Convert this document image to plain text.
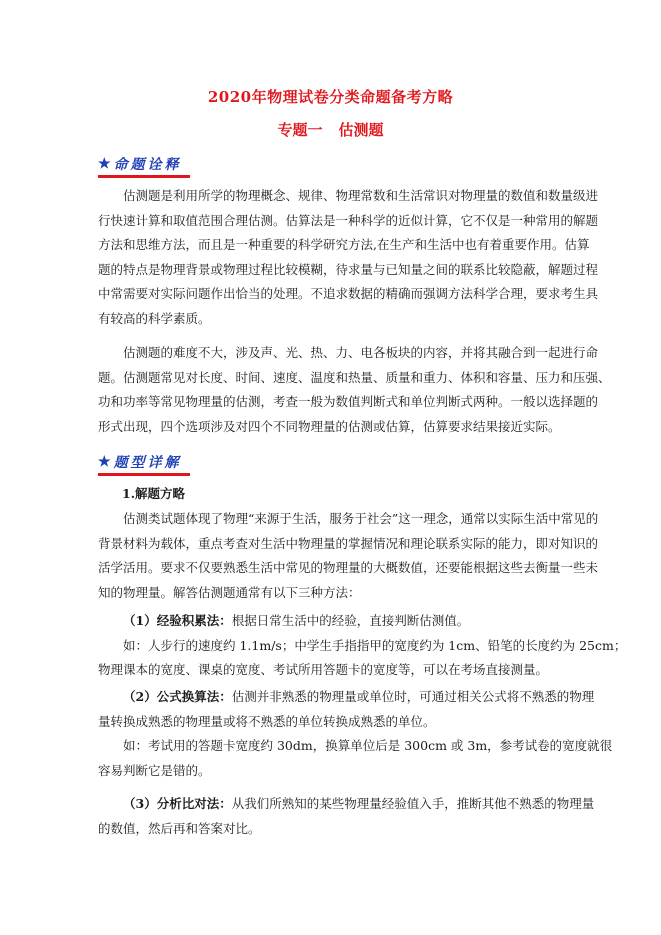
2020年物理试卷分类命题备考方略
专题一 估测题
★ 命题诠释
估测题是利用所学的物理概念、规律、物理常数和生活常识对物理量的数值和数量级进
行快速计算和取值范围合理估测。估算法是一种科学的近似计算，它不仅是一种常用的解题
方法和思维方法，而且是一种重要的科学研究方法,在生产和生活中也有着重要作用。估算
题的特点是物理背景或物理过程比较模糊，待求量与已知量之间的联系比较隐蔽，解题过程
中常需要对实际问题作出恰当的处理。不追求数据的精确而强调方法科学合理，要求考生具
有较高的科学素质。
估测题的难度不大，涉及声、光、热、力、电各板块的内容，并将其融合到一起进行命
题。估测题常见对长度、时间、速度、温度和热量、质量和重力、体积和容量、压力和压强、
功和功率等常见物理量的估测，考查一般为数值判断式和单位判断式两种。一般以选择题的
形式出现，四个选项涉及对四个不同物理量的估测或估算，估算要求结果接近实际。
★ 题型详解
1.解题方略
估测类试题体现了物理“来源于生活，服务于社会”这一理念，通常以实际生活中常见的
背景材料为载体，重点考查对生活中物理量的掌握情况和理论联系实际的能力，即对知识的
活学活用。要求不仅要熟悉生活中常见的物理量的大概数值，还要能根据这些去衡量一些未
知的物理量。解答估测题通常有以下三种方法：
（1）经验积累法：根据日常生活中的经验，直接判断估测值。
如：人步行的速度约 1.1m/s；中学生手指指甲的宽度约为 1cm、铅笔的长度约为 25cm；
物理课本的宽度、课桌的宽度、考试所用答题卡的宽度等，可以在考场直接测量。
（2）公式换算法：估测并非熟悉的物理量或单位时，可通过相关公式将不熟悉的物理
量转换成熟悉的物理量或将不熟悉的单位转换成熟悉的单位。
如：考试用的答题卡宽度约 30dm，换算单位后是 300cm 或 3m，参考试卷的宽度就很
容易判断它是错的。
（3）分析比对法：从我们所熟知的某些物理量经验值入手，推断其他不熟悉的物理量
的数值，然后再和答案对比。
